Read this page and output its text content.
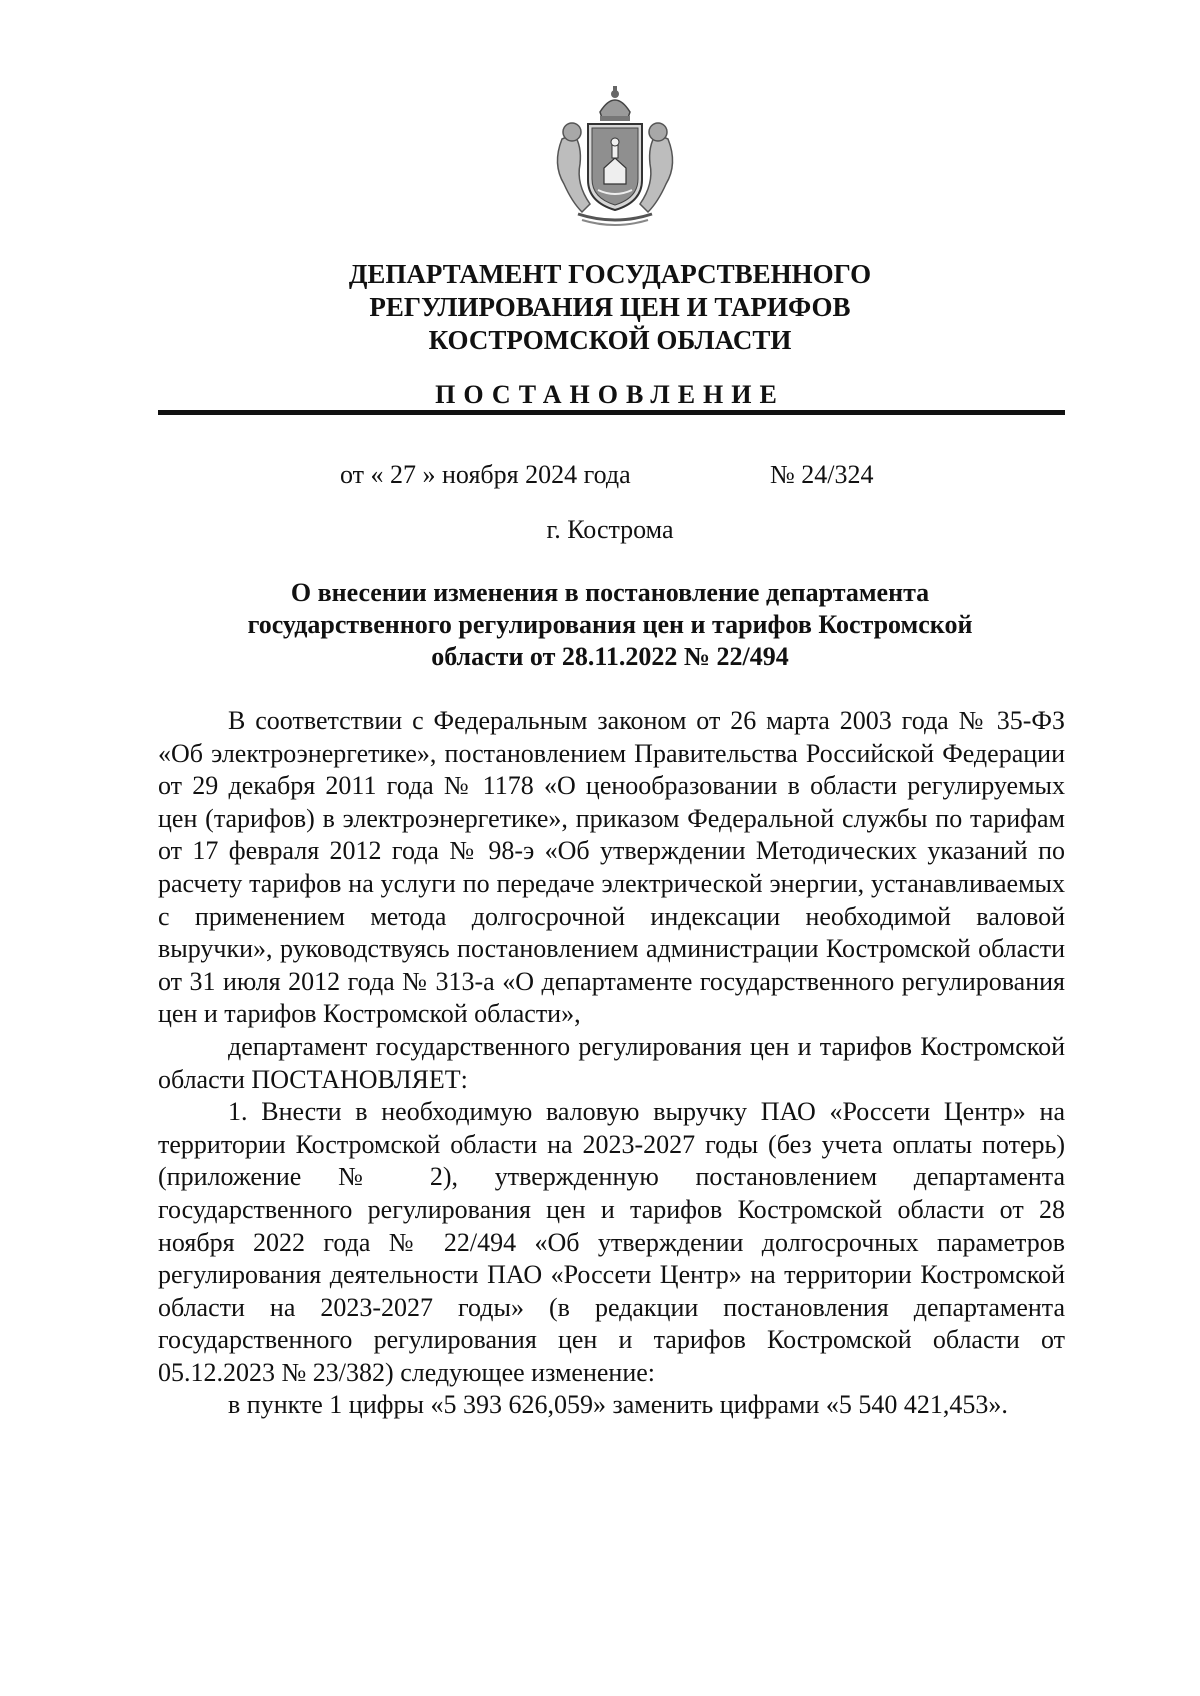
ДЕПАРТАМЕНТ ГОСУДАРСТВЕННОГО
РЕГУЛИРОВАНИЯ ЦЕН И ТАРИФОВ
КОСТРОМСКОЙ ОБЛАСТИ
ПОСТАНОВЛЕНИЕ
от « 27 » ноября 2024 года	№ 24/324
г. Кострома
О внесении изменения в постановление департамента
государственного регулирования цен и тарифов Костромской
области от 28.11.2022 № 22/494

В соответствии с Федеральным законом от 26 марта 2003 года № 35-ФЗ «Об электроэнергетике», постановлением Правительства Российской Федерации от 29 декабря 2011 года № 1178 «О ценообразовании в области регулируемых цен (тарифов) в электроэнергетике», приказом Федеральной службы по тарифам от 17 февраля 2012 года № 98-э «Об утверждении Методических указаний по расчету тарифов на услуги по передаче электрической энергии, устанавливаемых с применением метода долгосрочной индексации необходимой валовой выручки», руководствуясь постановлением администрации Костромской области от 31 июля 2012 года № 313-а «О департаменте государственного регулирования цен и тарифов Костромской области»,

департамент государственного регулирования цен и тарифов Костромской области ПОСТАНОВЛЯЕТ:

1. Внести в необходимую валовую выручку ПАО «Россети Центр» на территории Костромской области на 2023-2027 годы (без учета оплаты потерь) (приложение № 2), утвержденную постановлением департамента государственного регулирования цен и тарифов Костромской области от 28 ноября 2022 года № 22/494 «Об утверждении долгосрочных параметров регулирования деятельности ПАО «Россети Центр» на территории Костромской области на 2023-2027 годы» (в редакции постановления департамента государственного регулирования цен и тарифов Костромской области от 05.12.2023 № 23/382) следующее изменение:

в пункте 1 цифры «5 393 626,059» заменить цифрами «5 540 421,453».
